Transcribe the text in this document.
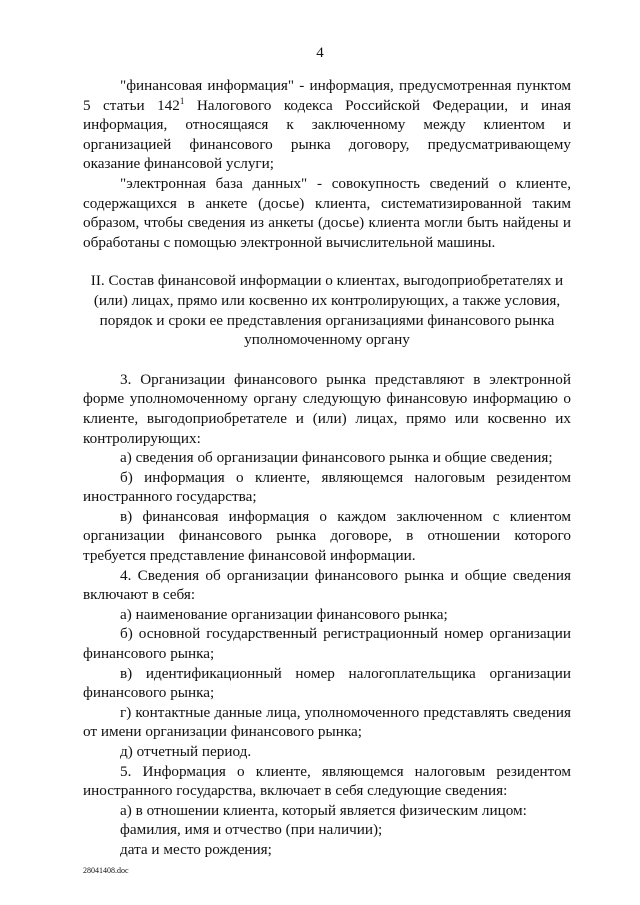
4

"финансовая информация" - информация, предусмотренная пунктом 5 статьи $142^1$ Налогового кодекса Российской Федерации, и иная информация, относящаяся к заключенному между клиентом и организацией финансового рынка договору, предусматривающему оказание финансовой услуги;

"электронная база данных" - совокупность сведений о клиенте, содержащихся в анкете (досье) клиента, систематизированной таким образом, чтобы сведения из анкеты (досье) клиента могли быть найдены и обработаны с помощью электронной вычислительной машины.

II. Состав финансовой информации о клиентах, выгодоприобретателях и (или) лицах, прямо или косвенно их контролирующих, а также условия, порядок и сроки ее представления организациями финансового рынка уполномоченному органу

3. Организации финансового рынка представляют в электронной форме уполномоченному органу следующую финансовую информацию о клиенте, выгодоприобретателе и (или) лицах, прямо или косвенно их контролирующих:

а) сведения об организации финансового рынка и общие сведения;

б) информация о клиенте, являющемся налоговым резидентом иностранного государства;

в) финансовая информация о каждом заключенном с клиентом организации финансового рынка договоре, в отношении которого требуется представление финансовой информации.

4. Сведения об организации финансового рынка и общие сведения включают в себя:

а) наименование организации финансового рынка;

б) основной государственный регистрационный номер организации финансового рынка;

в) идентификационный номер налогоплательщика организации финансового рынка;

г) контактные данные лица, уполномоченного представлять сведения от имени организации финансового рынка;

д) отчетный период.

5. Информация о клиенте, являющемся налоговым резидентом иностранного государства, включает в себя следующие сведения:

а) в отношении клиента, который является физическим лицом:

фамилия, имя и отчество (при наличии);

дата и место рождения;

28041408.doc
